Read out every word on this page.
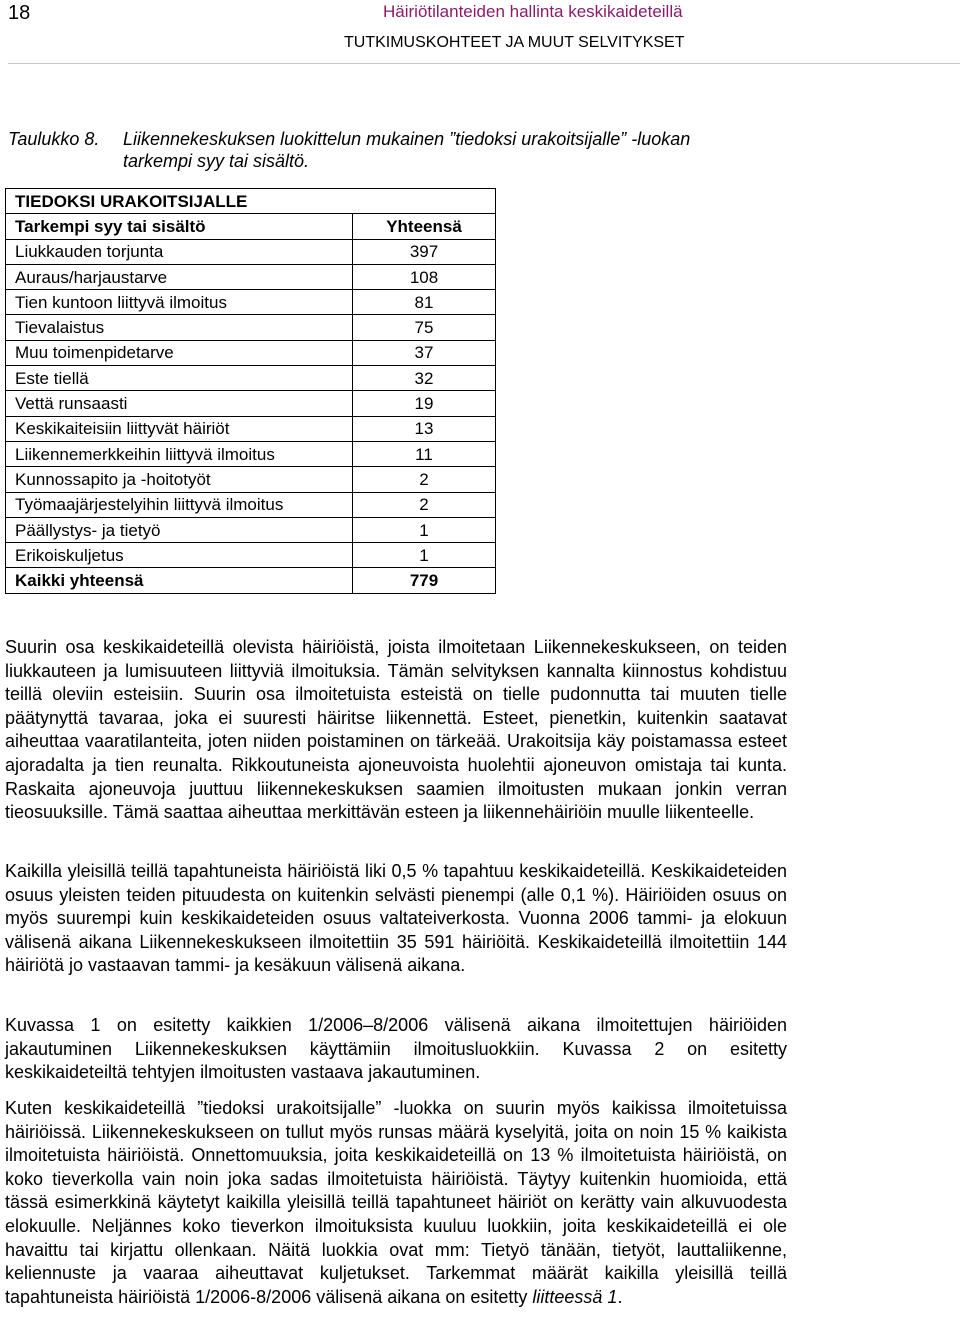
18	Häiriötilanteiden hallinta keskikaideteillä
TUTKIMUSKOHTEET JA MUUT SELVITYKSET
Taulukko 8. Liikennekeskuksen luokittelun mukainen ”tiedoksi urakoitsijalle” -luokan
tarkempi syy tai sisältö.
TIEDOKSI URAKOITSIJALLE	
Tarkempi syy tai sisältö	Yhteensä
Liukkauden torjunta	397
Auraus/harjaustarve	108
Tien kuntoon liittyvä ilmoitus	81
Tievalaistus	75
Muu toimenpidetarve	37
Este tiellä	32
Vettä runsaasti	19
Keskikaiteisiin liittyvät häiriöt	13
Liikennemerkkeihin liittyvä ilmoitus	11
Kunnossapito ja -hoitotyöt	2
Työmaajärjestelyihin liittyvä ilmoitus	2
Päällystys- ja tietyö	1
Erikoiskuljetus	1
Kaikki yhteensä	779

Suurin osa keskikaideteillä olevista häiriöistä, joista ilmoitetaan Liikennekeskukseen, on teiden liukkauteen ja lumisuuteen liittyviä ilmoituksia. Tämän selvityksen kannalta kiinnostus kohdistuu teillä oleviin esteisiin. Suurin osa ilmoitetuista esteistä on tielle pudonnutta tai muuten tielle päätynyttä tavaraa, joka ei suuresti häiritse liikennettä. Esteet, pienetkin, kuitenkin saatavat aiheuttaa vaaratilanteita, joten niiden poistaminen on tärkeää. Urakoitsija käy poistamassa esteet ajoradalta ja tien reunalta. Rikkoutuneista ajoneuvoista huolehtii ajoneuvon omistaja tai kunta. Raskaita ajoneuvoja juuttuu liikennekeskuksen saamien ilmoitusten mukaan jonkin verran tieosuuksille. Tämä saattaa aiheuttaa merkittävän esteen ja liikennehäiriöin muulle liikenteelle.

Kaikilla yleisillä teillä tapahtuneista häiriöistä liki 0,5 % tapahtuu keskikaideteillä. Keskikaideteiden osuus yleisten teiden pituudesta on kuitenkin selvästi pienempi (alle 0,1 %). Häiriöiden osuus on myös suurempi kuin keskikaideteiden osuus valtateiverkosta. Vuonna 2006 tammi- ja elokuun välisenä aikana Liikennekeskukseen ilmoitettiin 35 591 häiriöitä. Keskikaideteillä ilmoitettiin 144 häiriötä jo vastaavan tammi- ja kesäkuun välisenä aikana.

Kuvassa 1 on esitetty kaikkien 1/2006–8/2006 välisenä aikana ilmoitettujen häiriöiden jakautuminen Liikennekeskuksen käyttämiin ilmoitusluokkiin. Kuvassa 2 on esitetty keskikaideteiltä tehtyjen ilmoitusten vastaava jakautuminen.

Kuten keskikaideteillä ”tiedoksi urakoitsijalle” -luokka on suurin myös kaikissa ilmoitetuissa häiriöissä. Liikennekeskukseen on tullut myös runsas määrä kyselyitä, joita on noin 15 % kaikista ilmoitetuista häiriöistä. Onnettomuuksia, joita keskikaideteillä on 13 % ilmoitetuista häiriöistä, on koko tieverkolla vain noin joka sadas ilmoitetuista häiriöistä. Täytyy kuitenkin huomioida, että tässä esimerkkinä käytetyt kaikilla yleisillä teillä tapahtuneet häiriöt on kerätty vain alkuvuodesta elokuulle. Neljännes koko tieverkon ilmoituksista kuuluu luokkiin, joita keskikaideteillä ei ole havaittu tai kirjattu ollenkaan. Näitä luokkia ovat mm: Tietyö tänään, tietyöt, lauttaliikenne, keliennuste ja vaaraa aiheuttavat kuljetukset. Tarkemmat määrät kaikilla yleisillä teillä tapahtuneista häiriöistä 1/2006-8/2006 välisenä aikana on esitetty liitteessä 1.
